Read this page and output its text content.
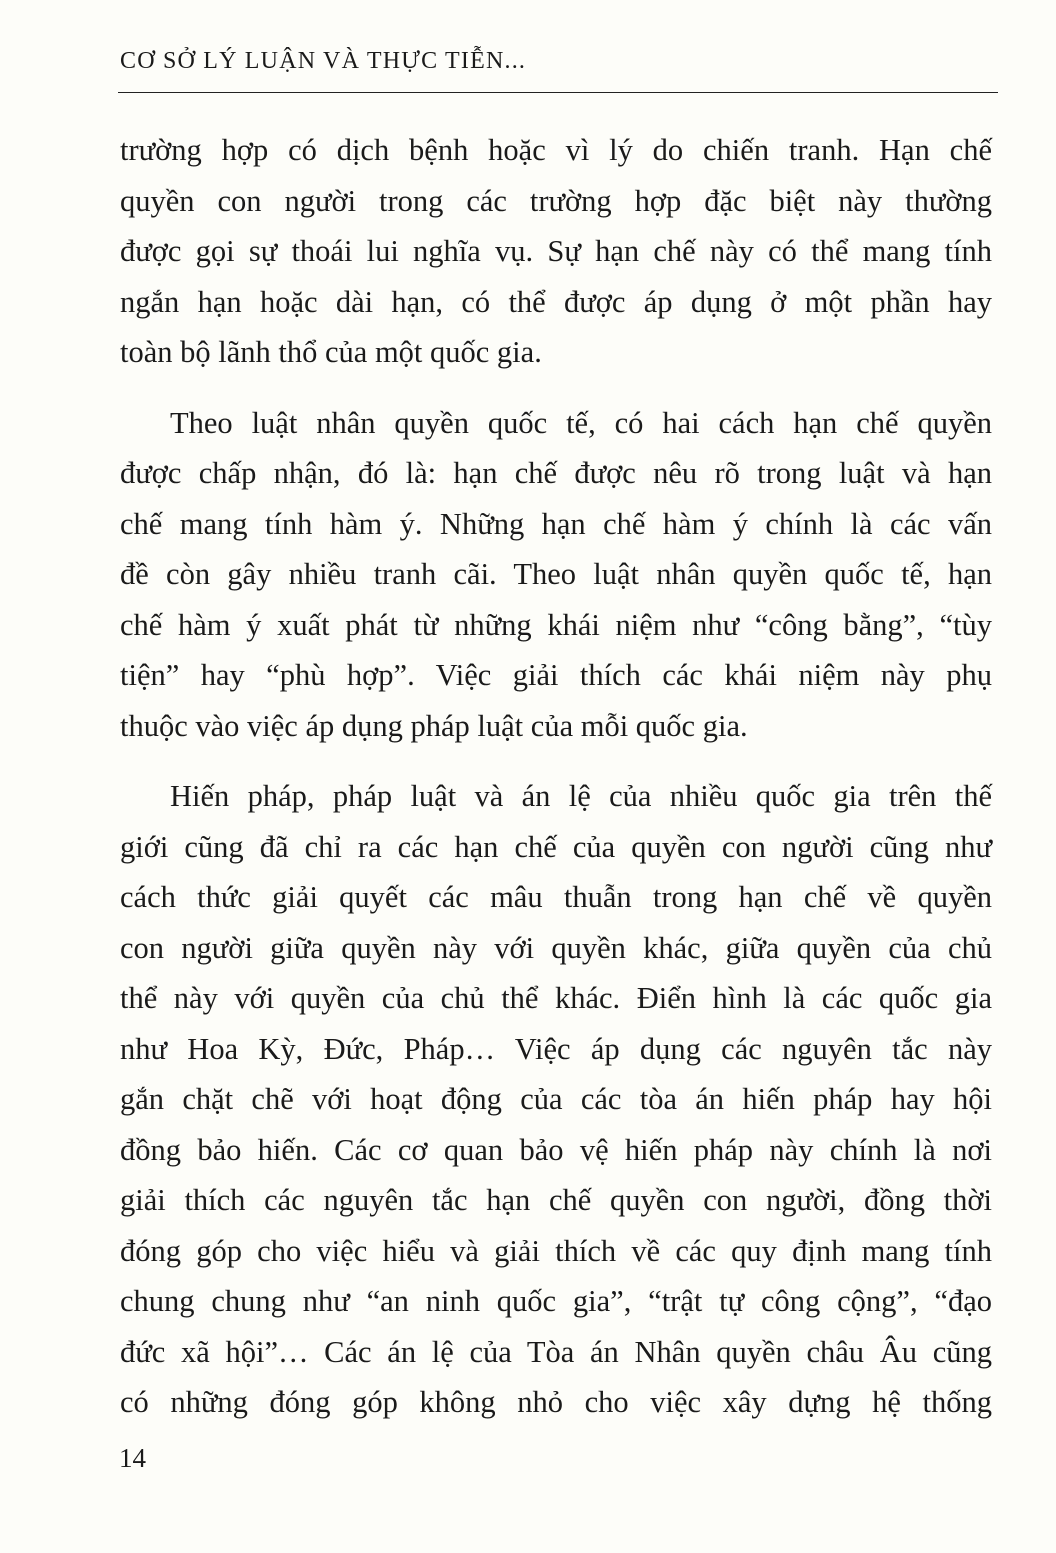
CƠ SỞ LÝ LUẬN VÀ THỰC TIỄN...
trường hợp có dịch bệnh hoặc vì lý do chiến tranh. Hạn chế
quyền con người trong các trường hợp đặc biệt này thường
được gọi sự thoái lui nghĩa vụ. Sự hạn chế này có thể mang tính
ngắn hạn hoặc dài hạn, có thể được áp dụng ở một phần hay
toàn bộ lãnh thổ của một quốc gia.
Theo luật nhân quyền quốc tế, có hai cách hạn chế quyền
được chấp nhận, đó là: hạn chế được nêu rõ trong luật và hạn
chế mang tính hàm ý. Những hạn chế hàm ý chính là các vấn
đề còn gây nhiều tranh cãi. Theo luật nhân quyền quốc tế, hạn
chế hàm ý xuất phát từ những khái niệm như “công bằng”, “tùy
tiện” hay “phù hợp”. Việc giải thích các khái niệm này phụ
thuộc vào việc áp dụng pháp luật của mỗi quốc gia.
Hiến pháp, pháp luật và án lệ của nhiều quốc gia trên thế
giới cũng đã chỉ ra các hạn chế của quyền con người cũng như
cách thức giải quyết các mâu thuẫn trong hạn chế về quyền
con người giữa quyền này với quyền khác, giữa quyền của chủ
thể này với quyền của chủ thể khác. Điển hình là các quốc gia
như Hoa Kỳ, Đức, Pháp… Việc áp dụng các nguyên tắc này
gắn chặt chẽ với hoạt động của các tòa án hiến pháp hay hội
đồng bảo hiến. Các cơ quan bảo vệ hiến pháp này chính là nơi
giải thích các nguyên tắc hạn chế quyền con người, đồng thời
đóng góp cho việc hiểu và giải thích về các quy định mang tính
chung chung như “an ninh quốc gia”, “trật tự công cộng”, “đạo
đức xã hội”… Các án lệ của Tòa án Nhân quyền châu Âu cũng
có những đóng góp không nhỏ cho việc xây dựng hệ thống
14
